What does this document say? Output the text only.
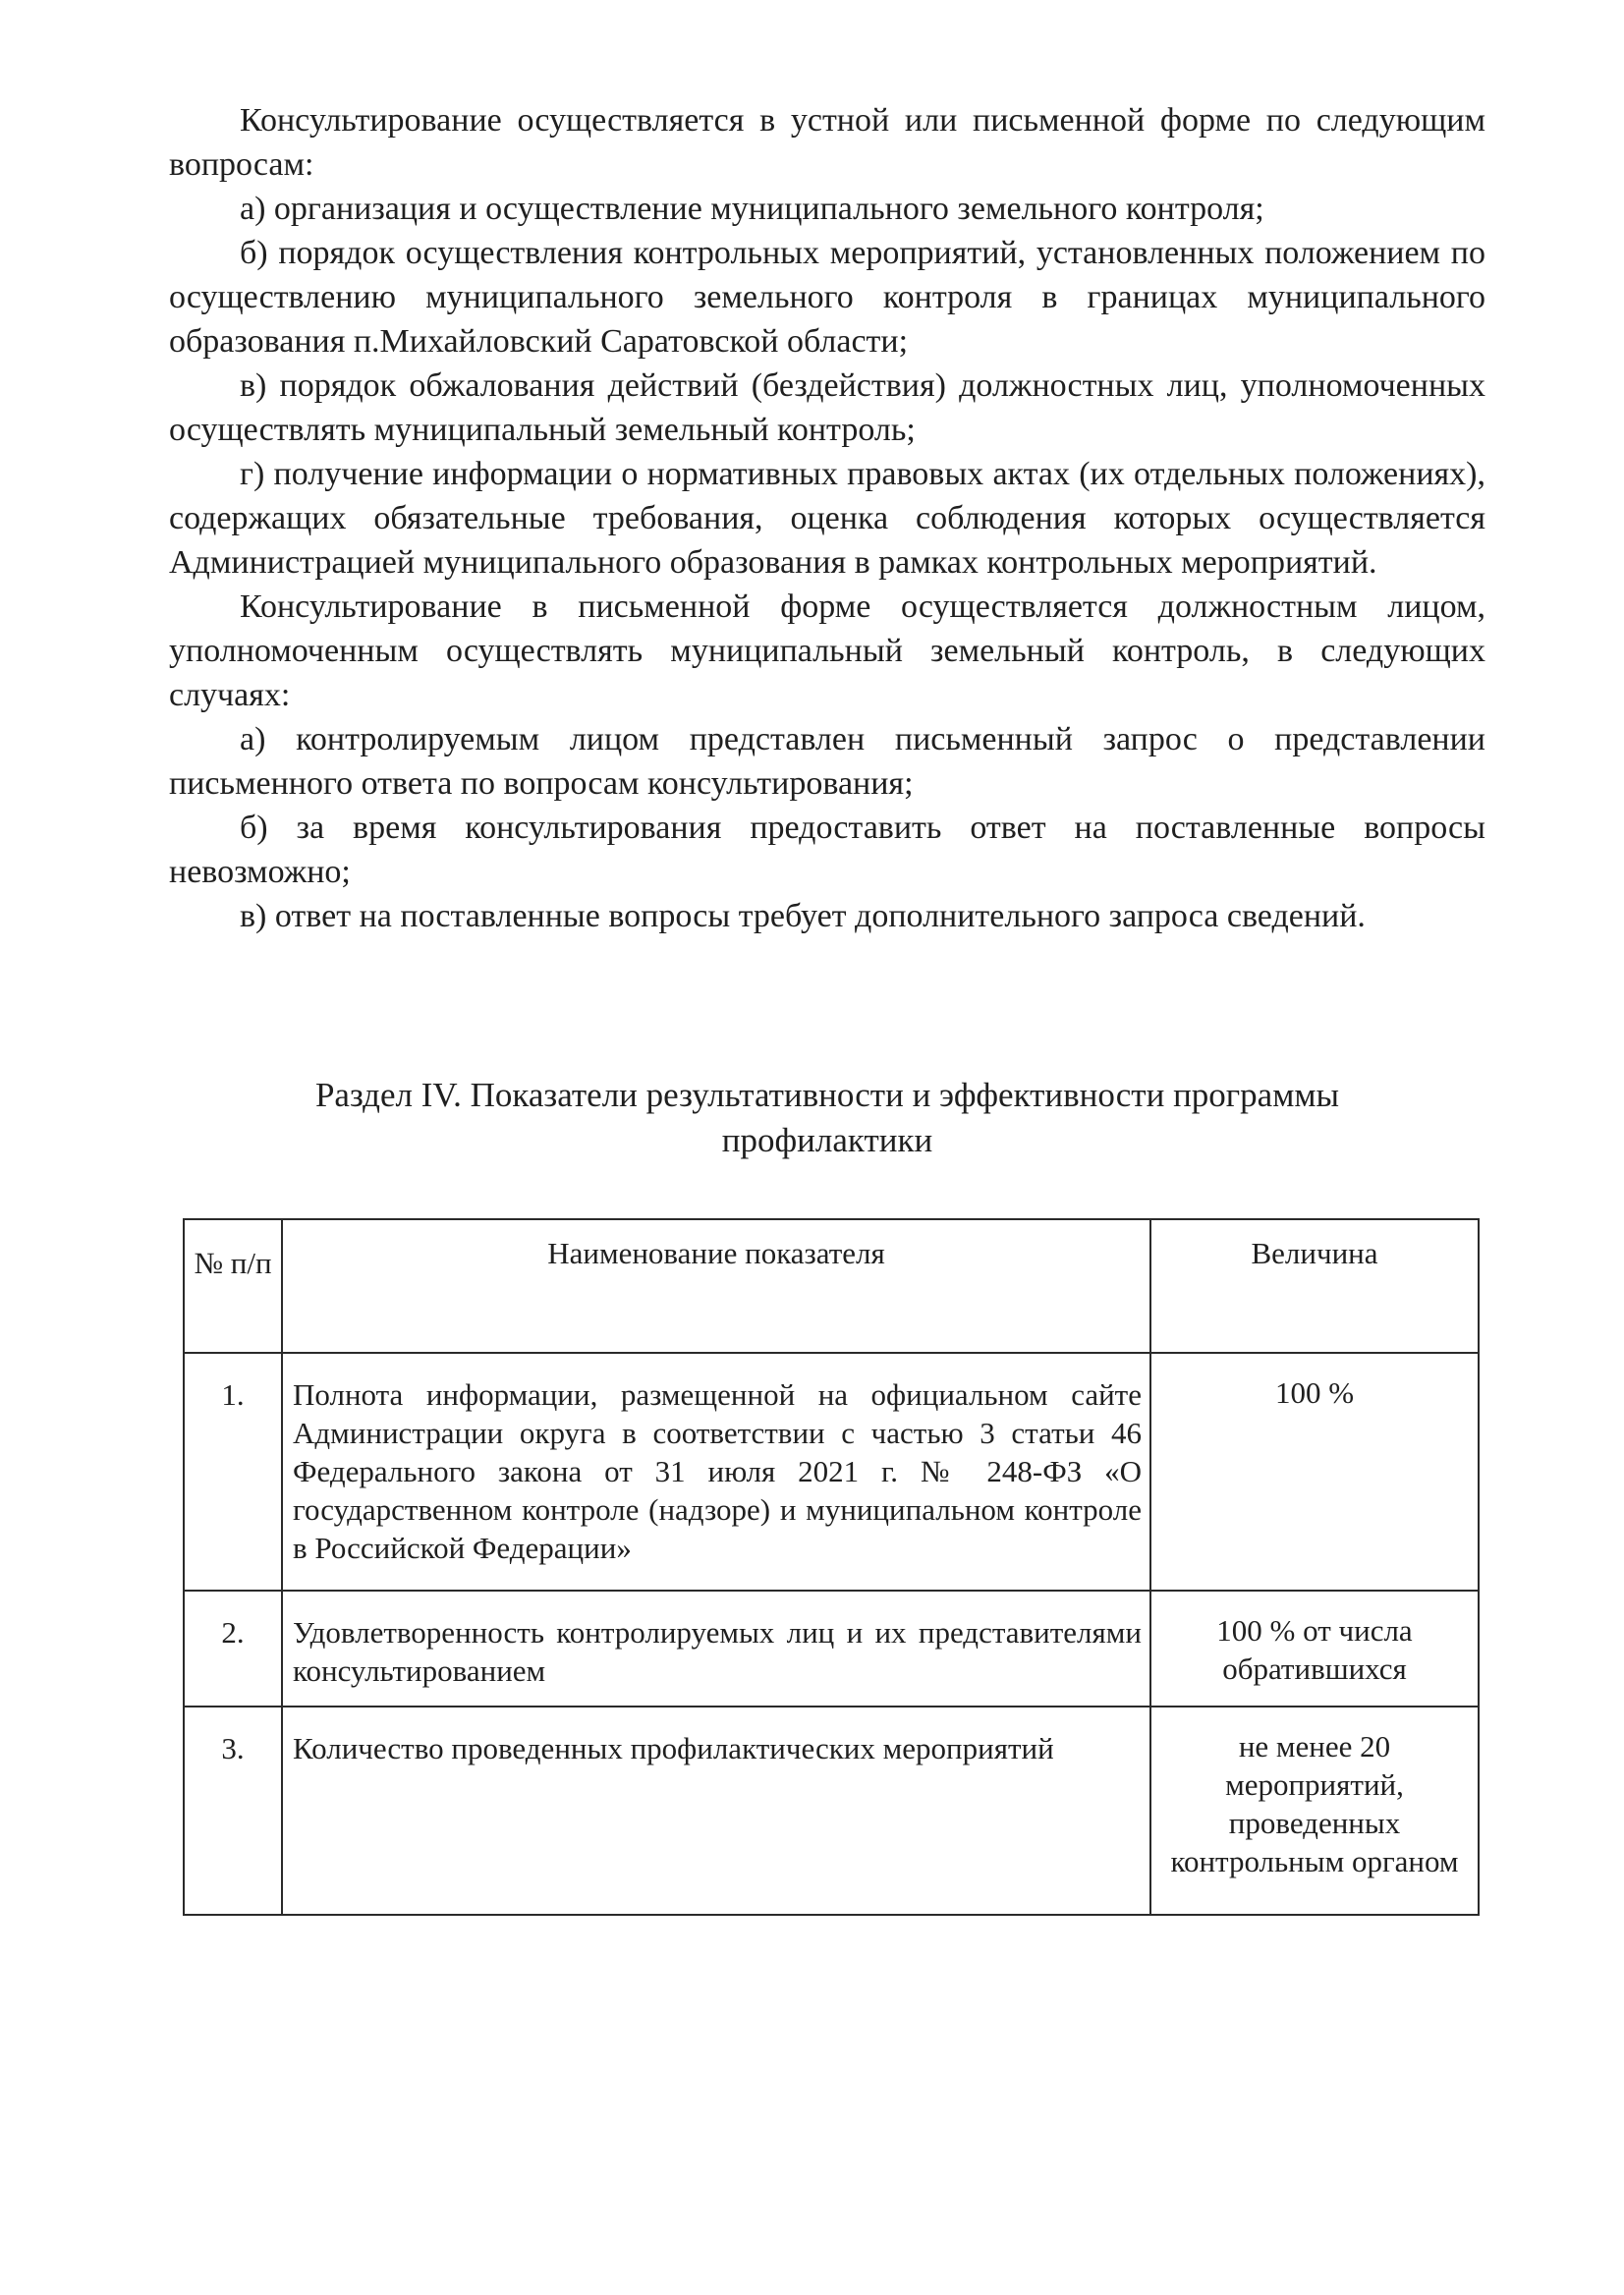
Консультирование осуществляется в устной или письменной форме по следующим вопросам:

а) организация и осуществление муниципального земельного контроля;

б) порядок осуществления контрольных мероприятий, установленных положением по осуществлению муниципального земельного контроля в границах муниципального образования п.Михайловский Саратовской области;

в) порядок обжалования действий (бездействия) должностных лиц, уполномоченных осуществлять муниципальный земельный контроль;

г) получение информации о нормативных правовых актах (их отдельных положениях), содержащих обязательные требования, оценка соблюдения которых осуществляется Администрацией муниципального образования в рамках контрольных мероприятий.

Консультирование в письменной форме осуществляется должностным лицом, уполномоченным осуществлять муниципальный земельный контроль, в следующих случаях:

а) контролируемым лицом представлен письменный запрос о представлении письменного ответа по вопросам консультирования;

б) за время консультирования предоставить ответ на поставленные вопросы невозможно;

в) ответ на поставленные вопросы требует дополнительного запроса сведений.

Раздел IV. Показатели результативности и эффективности программы
профилактики
№ п/п	Наименование показателя	Величина
1.	Полнота информации, размещенной на официальном сайте Администрации округа в соответствии с частью 3 статьи 46 Федерального закона от 31 июля 2021 г. № 248-ФЗ «О государственном контроле (надзоре) и муниципальном контроле в Российской Федерации»	100 %
2.	Удовлетворенность контролируемых лиц и их представителями консультированием	100 % от числа обратившихся
3.	Количество проведенных профилактических мероприятий	не менее 20 мероприятий, проведенных контрольным органом
